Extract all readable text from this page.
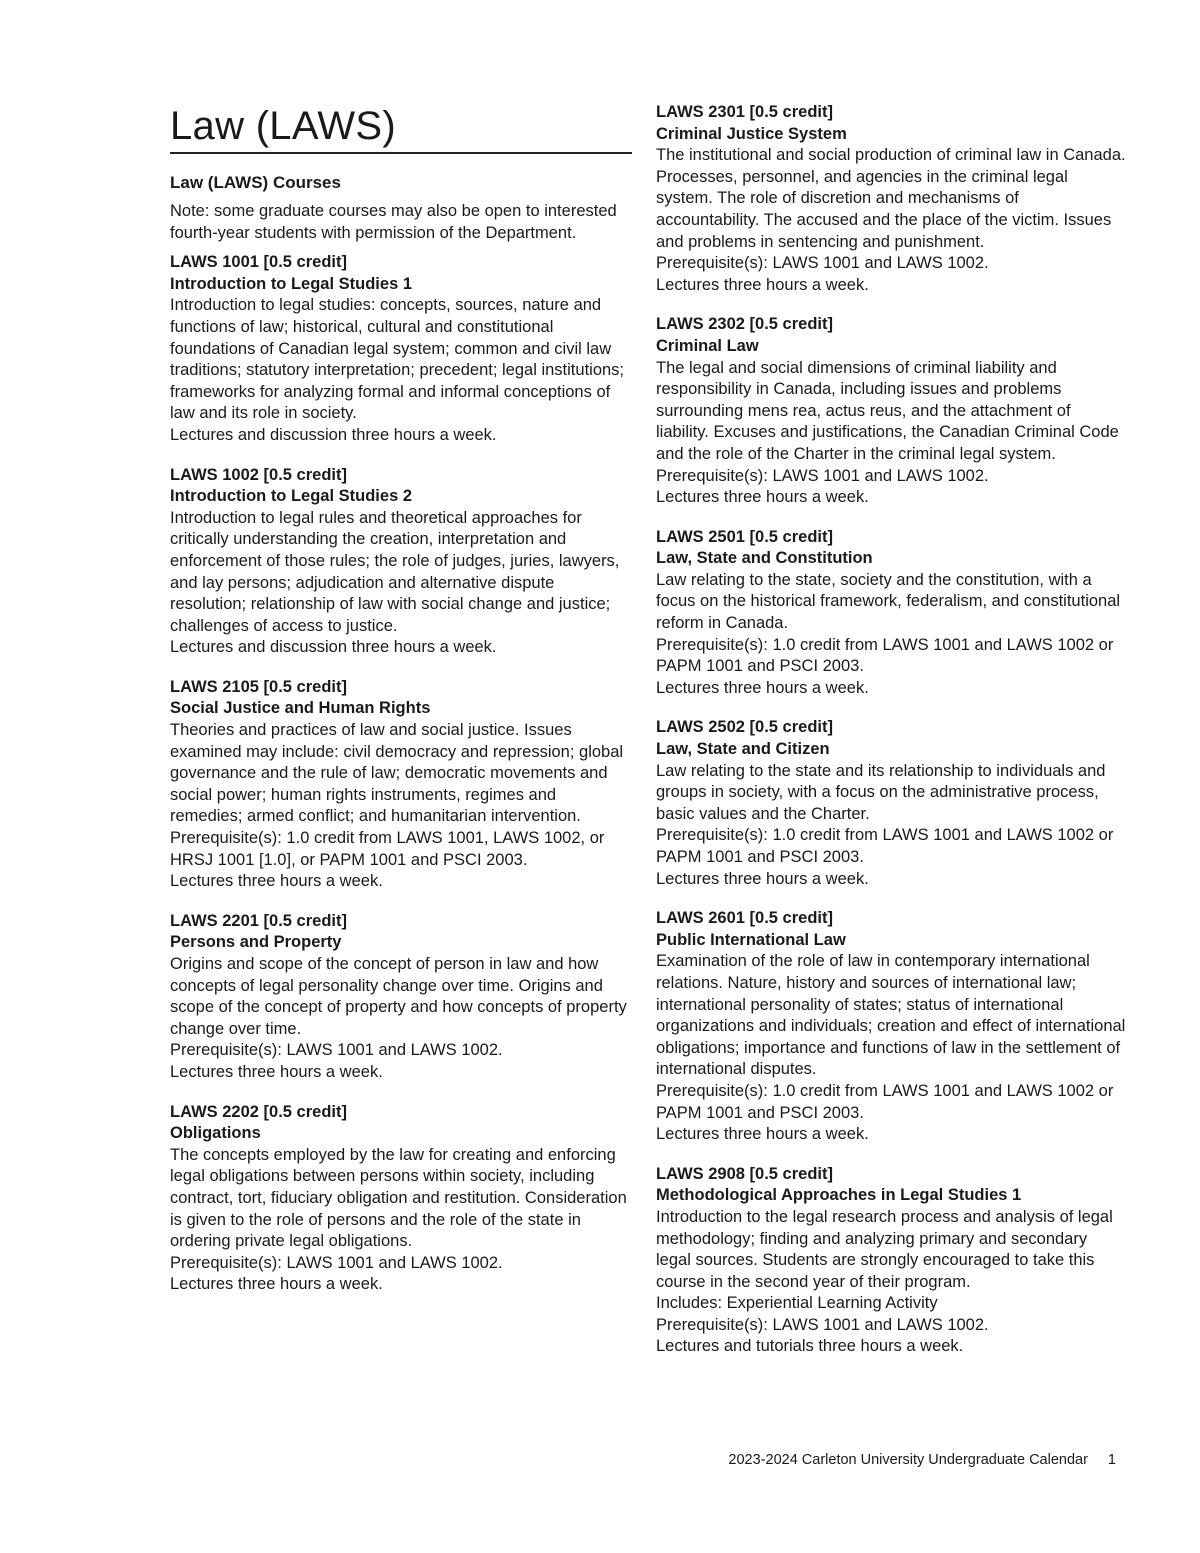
Law (LAWS)
Law (LAWS) Courses

Note: some graduate courses may also be open to interested fourth-year students with permission of the Department.

LAWS 1001 [0.5 credit]
Introduction to Legal Studies 1

Introduction to legal studies: concepts, sources, nature and functions of law; historical, cultural and constitutional foundations of Canadian legal system; common and civil law traditions; statutory interpretation; precedent; legal institutions; frameworks for analyzing formal and informal conceptions of law and its role in society.

Lectures and discussion three hours a week.
LAWS 1002 [0.5 credit]
Introduction to Legal Studies 2

Introduction to legal rules and theoretical approaches for critically understanding the creation, interpretation and enforcement of those rules; the role of judges, juries, lawyers, and lay persons; adjudication and alternative dispute resolution; relationship of law with social change and justice; challenges of access to justice.

Lectures and discussion three hours a week.
LAWS 2105 [0.5 credit]
Social Justice and Human Rights

Theories and practices of law and social justice. Issues examined may include: civil democracy and repression; global governance and the rule of law; democratic movements and social power; human rights instruments, regimes and remedies; armed conflict; and humanitarian intervention.

Prerequisite(s): 1.0 credit from LAWS 1001, LAWS 1002, or HRSJ 1001 [1.0], or PAPM 1001 and PSCI 2003.
Lectures three hours a week.
LAWS 2201 [0.5 credit]
Persons and Property

Origins and scope of the concept of person in law and how concepts of legal personality change over time. Origins and scope of the concept of property and how concepts of property change over time.

Prerequisite(s): LAWS 1001 and LAWS 1002.
Lectures three hours a week.
LAWS 2202 [0.5 credit]
Obligations

The concepts employed by the law for creating and enforcing legal obligations between persons within society, including contract, tort, fiduciary obligation and restitution. Consideration is given to the role of persons and the role of the state in ordering private legal obligations.

Prerequisite(s): LAWS 1001 and LAWS 1002.
Lectures three hours a week.
LAWS 2301 [0.5 credit]
Criminal Justice System

The institutional and social production of criminal law in Canada. Processes, personnel, and agencies in the criminal legal system. The role of discretion and mechanisms of accountability. The accused and the place of the victim. Issues and problems in sentencing and punishment.

Prerequisite(s): LAWS 1001 and LAWS 1002.
Lectures three hours a week.
LAWS 2302 [0.5 credit]
Criminal Law

The legal and social dimensions of criminal liability and responsibility in Canada, including issues and problems surrounding mens rea, actus reus, and the attachment of liability. Excuses and justifications, the Canadian Criminal Code and the role of the Charter in the criminal legal system.

Prerequisite(s): LAWS 1001 and LAWS 1002.
Lectures three hours a week.
LAWS 2501 [0.5 credit]
Law, State and Constitution

Law relating to the state, society and the constitution, with a focus on the historical framework, federalism, and constitutional reform in Canada.

Prerequisite(s): 1.0 credit from LAWS 1001 and LAWS 1002 or PAPM 1001 and PSCI 2003.
Lectures three hours a week.
LAWS 2502 [0.5 credit]
Law, State and Citizen

Law relating to the state and its relationship to individuals and groups in society, with a focus on the administrative process, basic values and the Charter.

Prerequisite(s): 1.0 credit from LAWS 1001 and LAWS 1002 or PAPM 1001 and PSCI 2003.
Lectures three hours a week.
LAWS 2601 [0.5 credit]
Public International Law

Examination of the role of law in contemporary international relations. Nature, history and sources of international law; international personality of states; status of international organizations and individuals; creation and effect of international obligations; importance and functions of law in the settlement of international disputes.

Prerequisite(s): 1.0 credit from LAWS 1001 and LAWS 1002 or PAPM 1001 and PSCI 2003.
Lectures three hours a week.
LAWS 2908 [0.5 credit]
Methodological Approaches in Legal Studies 1

Introduction to the legal research process and analysis of legal methodology; finding and analyzing primary and secondary legal sources. Students are strongly encouraged to take this course in the second year of their program.

Includes: Experiential Learning Activity
Prerequisite(s): LAWS 1001 and LAWS 1002.
Lectures and tutorials three hours a week.
2023-2024 Carleton University Undergraduate Calendar 1
